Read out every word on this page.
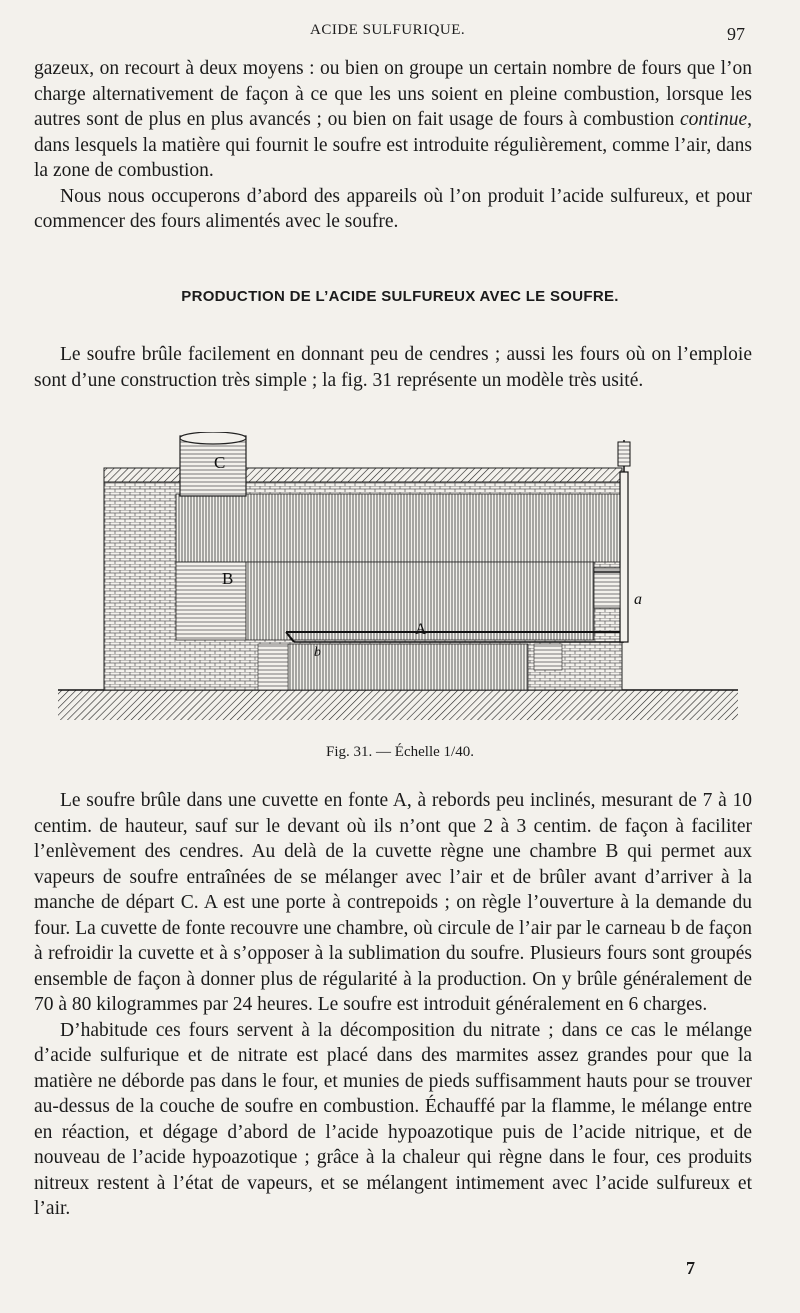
ACIDE SULFURIQUE.	97

gazeux, on recourt à deux moyens : ou bien on groupe un certain nombre de fours que l’on charge alternativement de façon à ce que les uns soient en pleine combustion, lorsque les autres sont de plus en plus avancés ; ou bien on fait usage de fours à combustion continue, dans lesquels la matière qui fournit le soufre est introduite régulièrement, comme l’air, dans la zone de combustion.

Nous nous occuperons d’abord des appareils où l’on produit l’acide sulfureux, et pour commencer des fours alimentés avec le soufre.

PRODUCTION DE L’ACIDE SULFUREUX AVEC LE SOUFRE.

Le soufre brûle facilement en donnant peu de cendres ; aussi les fours où on l’emploie sont d’une construction très simple ; la fig. 31 représente un modèle très usité.

C
B
A
b
a
Fig. 31. — Échelle 1/40.

Le soufre brûle dans une cuvette en fonte A, à rebords peu inclinés, mesurant de 7 à 10 centim. de hauteur, sauf sur le devant où ils n’ont que 2 à 3 centim. de façon à faciliter l’enlèvement des cendres. Au delà de la cuvette règne une chambre B qui permet aux vapeurs de soufre entraînées de se mélanger avec l’air et de brûler avant d’arriver à la manche de départ C. A est une porte à contrepoids ; on règle l’ouverture à la demande du four. La cuvette de fonte recouvre une chambre, où circule de l’air par le carneau b de façon à refroidir la cuvette et à s’opposer à la sublimation du soufre. Plusieurs fours sont groupés ensemble de façon à donner plus de régularité à la production. On y brûle généralement de 70 à 80 kilogrammes par 24 heures. Le soufre est introduit généralement en 6 charges.

D’habitude ces fours servent à la décomposition du nitrate ; dans ce cas le mélange d’acide sulfurique et de nitrate est placé dans des marmites assez grandes pour que la matière ne déborde pas dans le four, et munies de pieds suffisamment hauts pour se trouver au-dessus de la couche de soufre en combustion. Échauffé par la flamme, le mélange entre en réaction, et dégage d’abord de l’acide hypoazotique puis de l’acide nitrique, et de nouveau de l’acide hypoazotique ; grâce à la chaleur qui règne dans le four, ces produits nitreux restent à l’état de vapeurs, et se mélangent intimement avec l’acide sulfureux et l’air.

7
